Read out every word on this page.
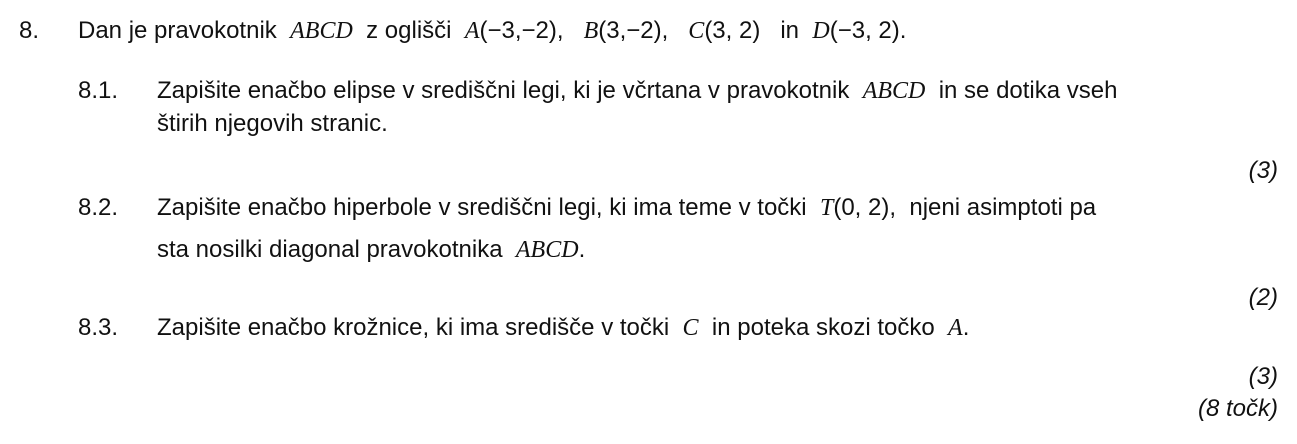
8. Dan je pravokotnik ABCD z oglišči A(−3,−2), B(3,−2), C(3, 2) in D(−3, 2).
8.1. Zapišite enačbo elipse v središčni legi, ki je včrtana v pravokotnik ABCD in se dotika vseh
štirih njegovih stranic.
(3)
8.2. Zapišite enačbo hiperbole v središčni legi, ki ima teme v točki T(0, 2), njeni asimptoti pa
sta nosilki diagonal pravokotnika ABCD.
(2)
8.3. Zapišite enačbo krožnice, ki ima središče v točki C in poteka skozi točko A.
(3)
(8 točk)
